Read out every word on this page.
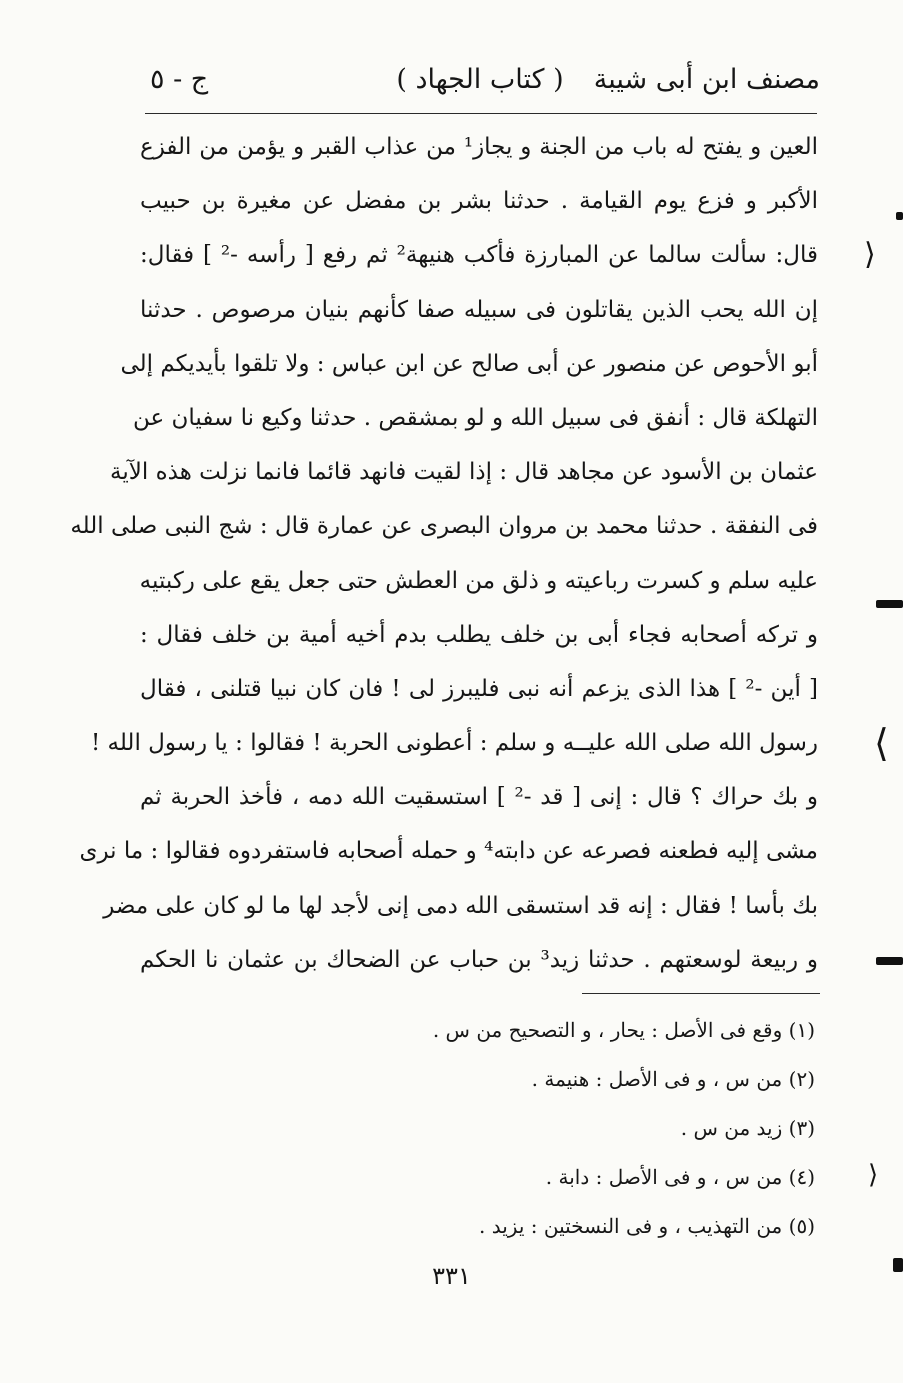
مصنف ابن أبى شيبة
( كتاب الجهاد )
ج - ٥
العين و يفتح له باب من الجنة و يجاز¹ من عذاب القبر و يؤمن من الفزع
الأكبر و فزع يوم القيامة . حدثنا بشر بن مفضل عن مغيرة بن حبيب
قال: سألت سالما عن المبارزة فأكب هنيهة² ثم رفع [ رأسه -² ] فقال:
إن الله يحب الذين يقاتلون فى سبيله صفا كأنهم بنيان مرصوص . حدثنا
أبو الأحوص عن منصور عن أبى صالح عن ابن عباس : ولا تلقوا بأيديكم إلى
التهلكة قال : أنفق فى سبيل الله و لو بمشقص . حدثنا وكيع نا سفيان عن
عثمان بن الأسود عن مجاهد قال : إذا لقيت فانهد قائما فانما نزلت هذه الآية
فى النفقة . حدثنا محمد بن مروان البصرى عن عمارة قال : شج النبى صلى الله
عليه سلم و كسرت رباعيته و ذلق من العطش حتى جعل يقع على ركبتيه
و تركه أصحابه فجاء أبى بن خلف يطلب بدم أخيه أمية بن خلف فقال :
[ أين -² ] هذا الذى يزعم أنه نبى فليبرز لى ! فان كان نبيا قتلنى ، فقال
رسول الله صلى الله عليــه و سلم : أعطونى الحربة ! فقالوا : يا رسول الله !
و بك حراك ؟ قال : إنى [ قد -² ] استسقيت الله دمه ، فأخذ الحربة ثم
مشى إليه فطعنه فصرعه عن دابته⁴ و حمله أصحابه فاستفردوه فقالوا : ما نرى
بك بأسا ! فقال : إنه قد استسقى الله دمى إنى لأجد لها ما لو كان على مضر
و ربيعة لوسعتهم . حدثنا زيد³ بن حباب عن الضحاك بن عثمان نا الحكم
(١) وقع فى الأصل : يحار ، و التصحيح من س .
(٢) من س ، و فى الأصل : هنيمة .
(٣) زيد من س .
(٤) من س ، و فى الأصل : دابة .
(٥) من التهذيب ، و فى النسختين : يزيد .
٣٣١
⟩
⟨
⟩
